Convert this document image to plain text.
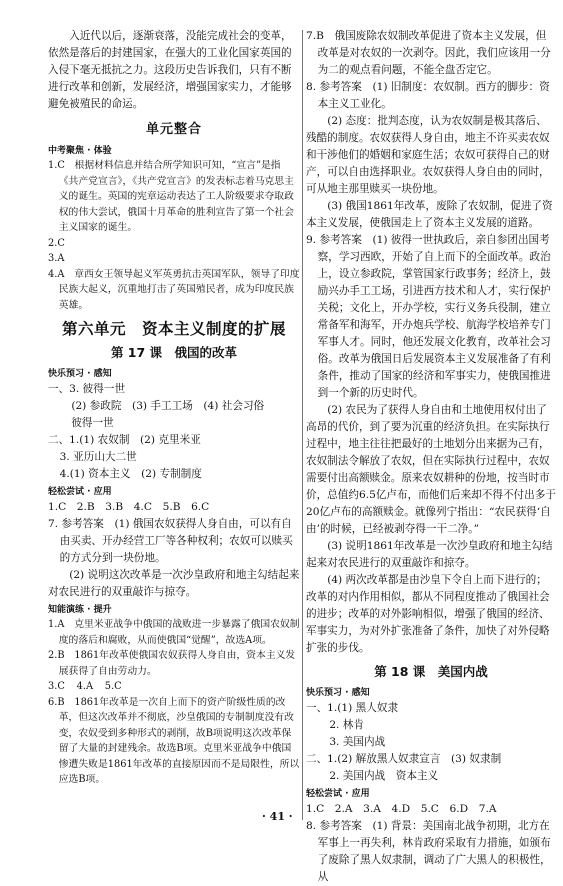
入近代以后，逐渐衰落，没能完成社会的变革，依然是落后的封建国家，在强大的工业化国家英国的入侵下毫无抵抗之力。这段历史告诉我们，只有不断进行改革和创新，发展经济，增强国家实力，才能够避免被殖民的命运。

单元整合
中考聚焦 · 体验

1.C　根据材料信息并结合所学知识可知，“宣言”是指《共产党宣言》，《共产党宣言》的发表标志着马克思主义的诞生。英国的宪章运动表达了工人阶级要求夺取政权的伟大尝试，俄国十月革命的胜利宣告了第一个社会主义国家的诞生。

2.C

3.A

4.A　章西女王领导起义军英勇抗击英国军队，领导了印度民族大起义，沉重地打击了英国殖民者，成为印度民族英雄。

第六单元　资本主义制度的扩展
第 17 课　俄国的改革
快乐预习 · 感知

一、3. 彼得一世

(2) 参政院　(3) 手工工场　(4) 社会习俗

彼得一世

二、1.(1) 农奴制　(2) 克里米亚

3. 亚历山大二世

4.(1) 资本主义　(2) 专制制度

轻松尝试 · 应用

1.C　2.B　3.B　4.C　5.B　6.C

7. 参考答案　(1) 俄国农奴获得人身自由，可以有自由买卖、开办经营工厂等各种权利；农奴可以赎买的方式分到一块份地。

(2) 说明这次改革是一次沙皇政府和地主勾结起来对农民进行的双重敲诈与掠夺。

知能演练 · 提升

1.A　克里米亚战争中俄国的战败进一步暴露了俄国农奴制度的落后和腐败，从而使俄国“觉醒”，故选A项。

2.B　1861年改革使俄国农奴获得人身自由，资本主义发展获得了自由劳动力。

3.C 4.A 5.C

6.B　1861年改革是一次自上而下的资产阶级性质的改革，但这次改革并不彻底，沙皇俄国的专制制度没有改变，农奴受到多种形式的剥削，故B项说明这次改革保留了大量的封建残余。故选B项。克里米亚战争中俄国惨遭失败是1861年改革的直接原因而不是局限性，所以应选B项。

7.B　俄国废除农奴制改革促进了资本主义发展，但改革是对农奴的一次剥夺。因此，我们应该用一分为二的观点看问题，不能全盘否定它。

8. 参考答案　(1) 旧制度：农奴制。西方的脚步：资本主义工业化。

(2) 态度：批判态度，认为农奴制是极其落后、残酷的制度。农奴获得人身自由，地主不许买卖农奴和干涉他们的婚姻和家庭生活；农奴可获得自己的财产，可以自由选择职业。农奴获得人身自由的同时，可从地主那里赎买一块份地。

(3) 俄国1861年改革，废除了农奴制，促进了资本主义发展，使俄国走上了资本主义发展的道路。

9. 参考答案　(1) 彼得一世执政后，亲自参团出国考察，学习西欧，开始了自上而下的全面改革。政治上，设立参政院，掌管国家行政事务；经济上，鼓励兴办手工工场，引进西方技术和人才，实行保护关税；文化上，开办学校，实行义务兵役制，建立常备军和海军，开办炮兵学校、航海学校培养专门军事人才。同时，他还发展文化教育，改革社会习俗。改革为俄国日后发展资本主义发展准备了有利条件，推动了国家的经济和军事实力，使俄国推进到一个新的历史时代。

(2) 农民为了获得人身自由和土地使用权付出了高昂的代价，到了要为沉重的经济负担。在实际执行过程中，地主往往把最好的土地划分出来据为己有，农奴制法令解放了农奴，但在实际执行过程中，农奴需要付出高额赎金。原来农奴耕种的份地，按当时市价，总值约6.5亿卢布，而他们后来却不得不付出多于20亿卢布的高额赎金。就像列宁指出：“农民获得‘自由’的时候，已经被剥夺得一干二净。”

(3) 说明1861年改革是一次沙皇政府和地主勾结起来对农民进行的双重敲诈和掠夺。

(4) 两次改革都是由沙皇下令自上而下进行的；改革的对内作用相似，都从不同程度推动了俄国社会的进步；改革的对外影响相似，增强了俄国的经济、军事实力，为对外扩张准备了条件，加快了对外侵略扩张的步伐。

第 18 课　美国内战
快乐预习 · 感知

一、1.(1) 黑人奴隶

2. 林肯

3. 美国内战

二、1.(2) 解放黑人奴隶宣言　(3) 奴隶制

2. 美国内战　资本主义

轻松尝试 · 应用

1.C　2.A　3.A　4.D　5.C　6.D　7.A

8. 参考答案　(1) 背景：美国南北战争初期，北方在军事上一再失利，林肯政府采取有力措施，如颁布了废除了黑人奴隶制，调动了广大黑人的积极性，从

· 41 ·
